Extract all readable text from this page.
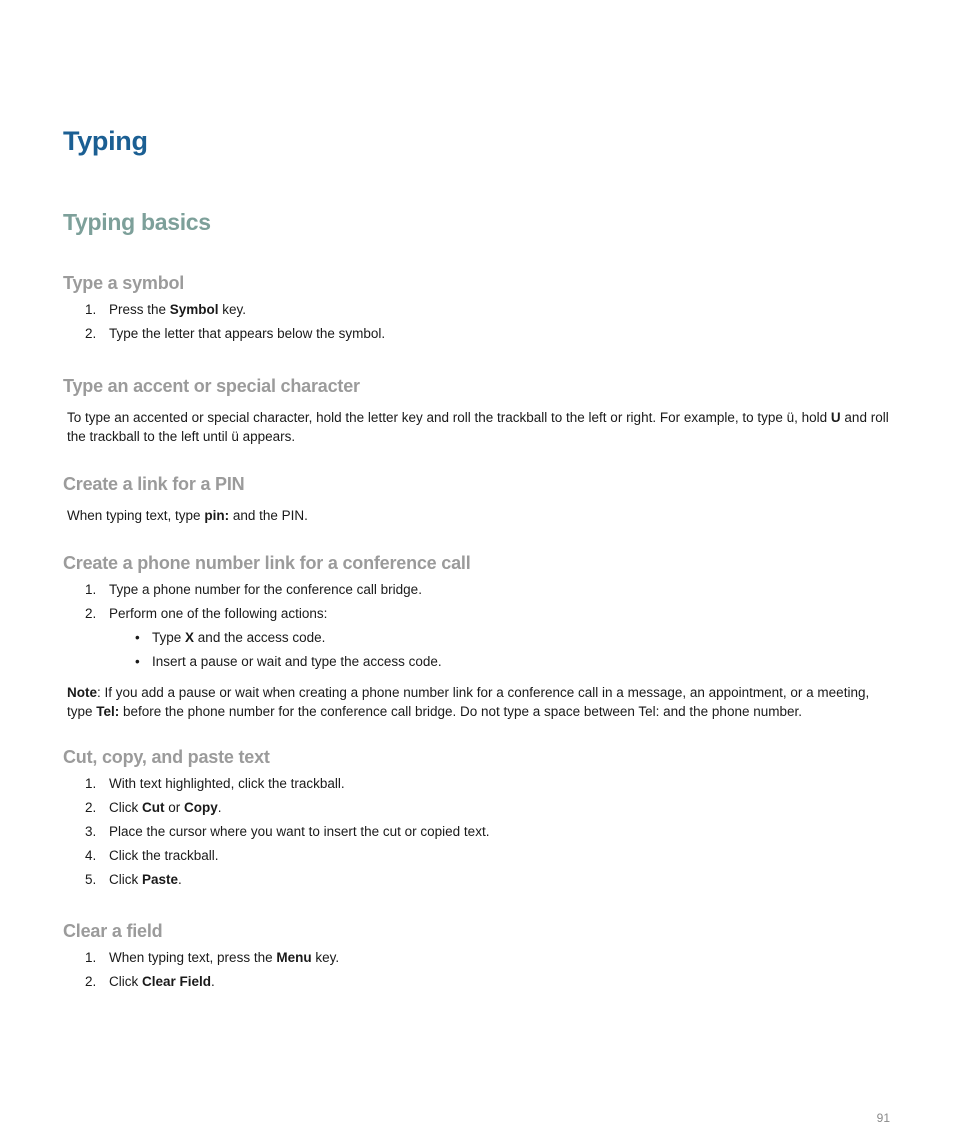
Typing
Typing basics
Type a symbol
1. Press the Symbol key.
2. Type the letter that appears below the symbol.
Type an accent or special character

To type an accented or special character, hold the letter key and roll the trackball to the left or right. For example, to type ü, hold U and roll the trackball to the left until ü appears.

Create a link for a PIN

When typing text, type pin: and the PIN.

Create a phone number link for a conference call
1. Type a phone number for the conference call bridge.
2. Perform one of the following actions:
• Type X and the access code.
• Insert a pause or wait and type the access code.

Note: If you add a pause or wait when creating a phone number link for a conference call in a message, an appointment, or a meeting, type Tel: before the phone number for the conference call bridge. Do not type a space between Tel: and the phone number.

Cut, copy, and paste text
1. With text highlighted, click the trackball.
2. Click Cut or Copy.
3. Place the cursor where you want to insert the cut or copied text.
4. Click the trackball.
5. Click Paste.
Clear a field
1. When typing text, press the Menu key.
2. Click Clear Field.
91
